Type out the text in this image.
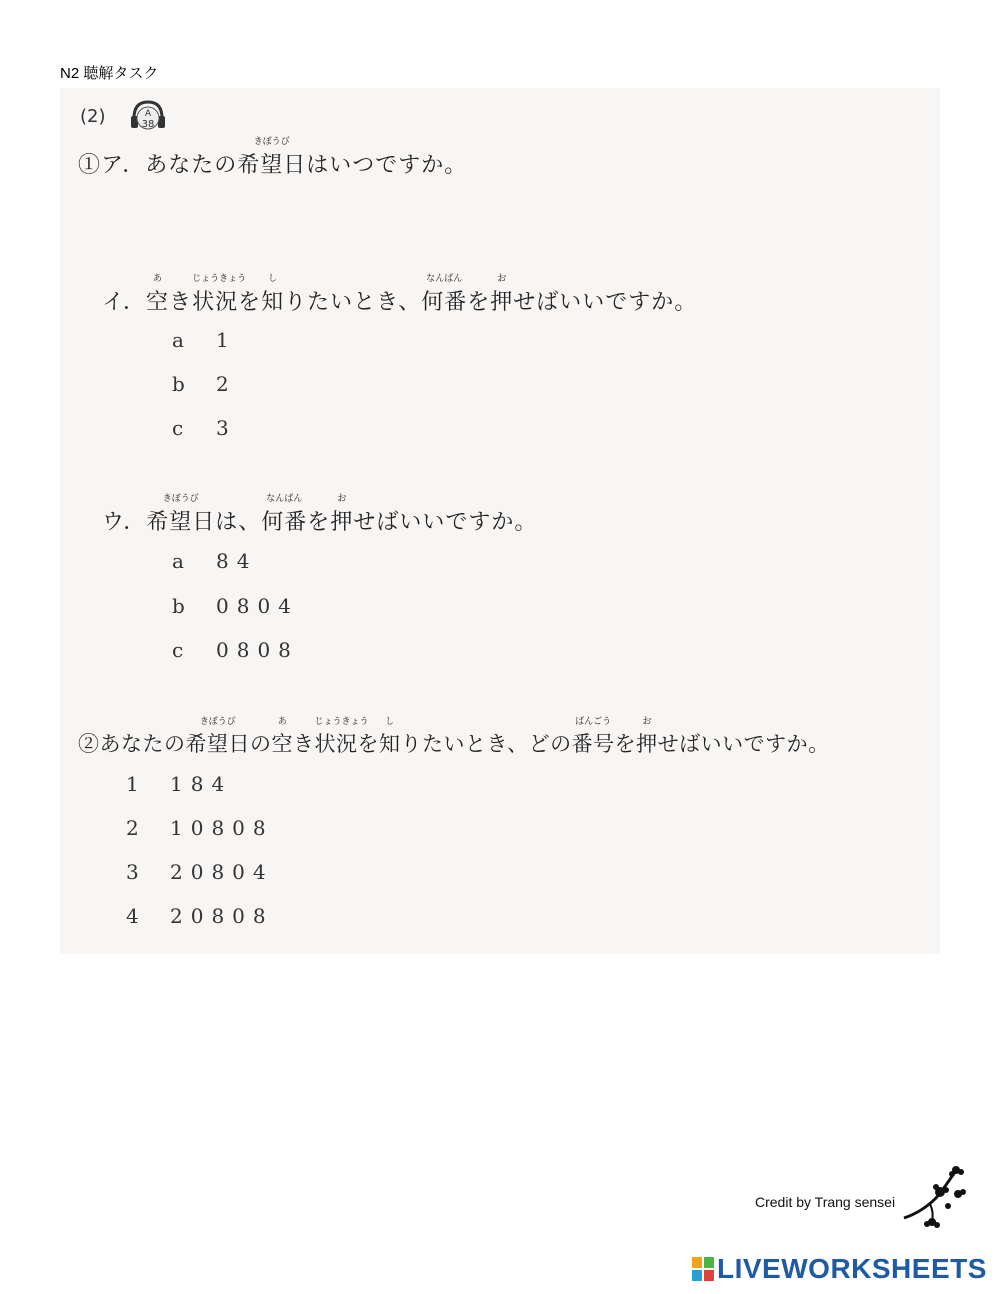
N2 聴解タスク
(2)	A
38
①ア．あなたの
きぼうび
希望日はいつですか。
イ．
あ
空き
じょうきょう
状況を
し
知りたいとき、
なんばん
何番を
お
押せばいいですか。
a 1
b 2
c 3
ウ．
きぼうび
希望日は、
なんばん
何番を
お
押せばいいですか。
a 84
b 0804
c 0808
②あなたの
きぼうび
希望日の
あ
空き
じょうきょう
状況を
し
知りたいとき、どの
ばんごう
番号を
お
押せばいいですか。
1 184
2 10808
3 20804
4 20808
Credit by Trang sensei
LIVEWORKSHEETS
